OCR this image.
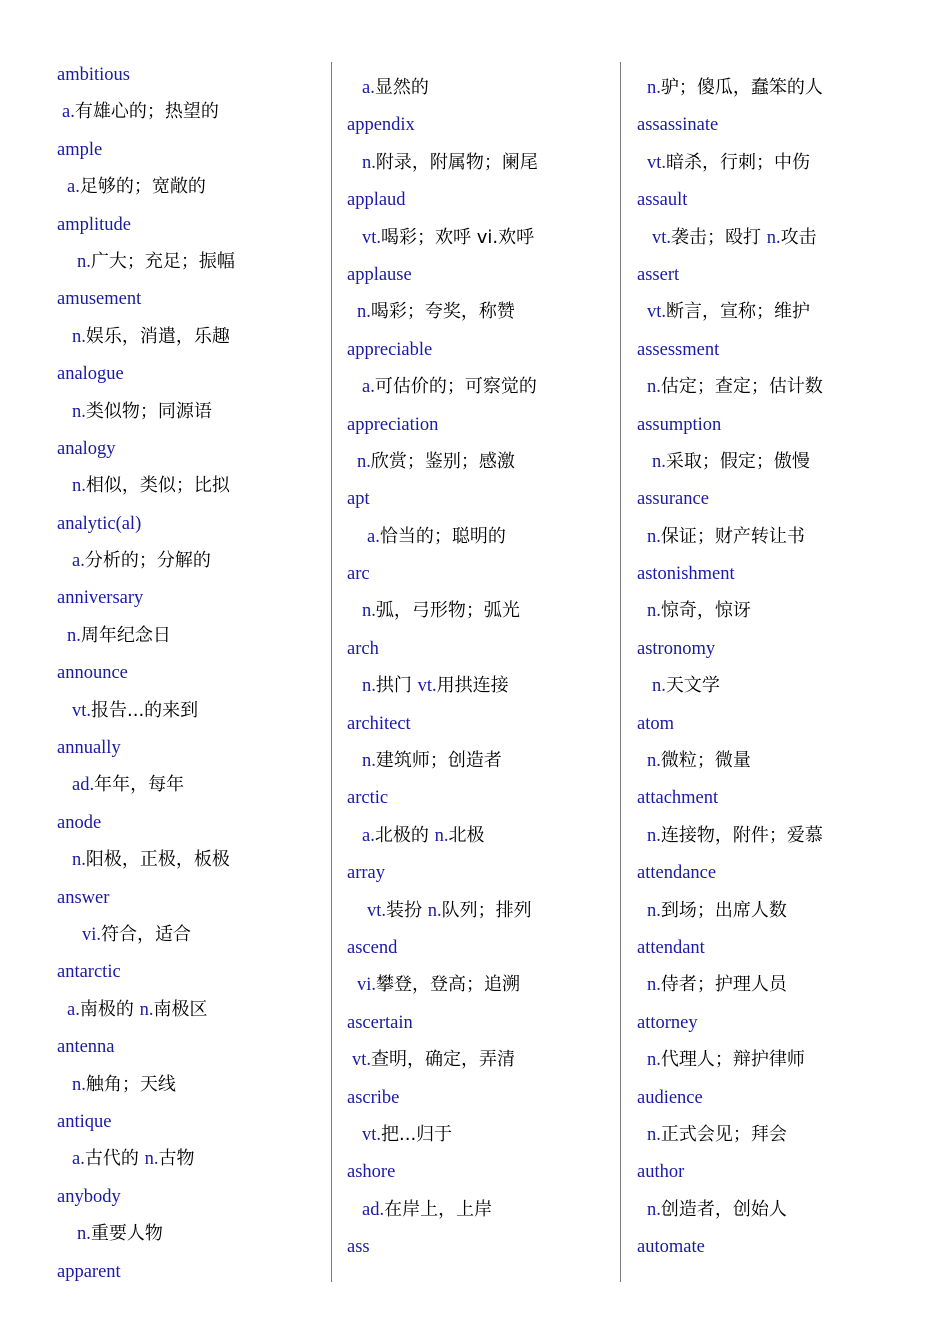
ambitious
a.有雄心的；热望的
ample
a.足够的；宽敞的
amplitude
n.广大；充足；振幅
amusement
n.娱乐，消遣，乐趣
analogue
n.类似物；同源语
analogy
n.相似，类似；比拟
analytic(al)
a.分析的；分解的
anniversary
n.周年纪念日
announce
vt.报告...的来到
annually
ad.年年，每年
anode
n.阳极，正极，板极
answer
vi.符合，适合
antarctic
a.南极的 n.南极区
antenna
n.触角；天线
antique
a.古代的 n.古物
anybody
n.重要人物
apparent
a.显然的
appendix
n.附录，附属物；阑尾
applaud
vt.喝彩；欢呼 vi.欢呼
applause
n.喝彩；夸奖，称赞
appreciable
a.可估价的；可察觉的
appreciation
n.欣赏；鉴别；感激
apt
a.恰当的；聪明的
arc
n.弧，弓形物；弧光
arch
n.拱门 vt.用拱连接
architect
n.建筑师；创造者
arctic
a.北极的 n.北极
array
vt.装扮 n.队列；排列
ascend
vi.攀登，登高；追溯
ascertain
vt.查明，确定，弄清
ascribe
vt.把...归于
ashore
ad.在岸上，上岸
ass
n.驴；傻瓜，蠢笨的人
assassinate
vt.暗杀，行刺；中伤
assault
vt.袭击；殴打 n.攻击
assert
vt.断言，宣称；维护
assessment
n.估定；查定；估计数
assumption
n.采取；假定；傲慢
assurance
n.保证；财产转让书
astonishment
n.惊奇，惊讶
astronomy
n.天文学
atom
n.微粒；微量
attachment
n.连接物，附件；爱慕
attendance
n.到场；出席人数
attendant
n.侍者；护理人员
attorney
n.代理人；辩护律师
audience
n.正式会见；拜会
author
n.创造者，创始人
automate
